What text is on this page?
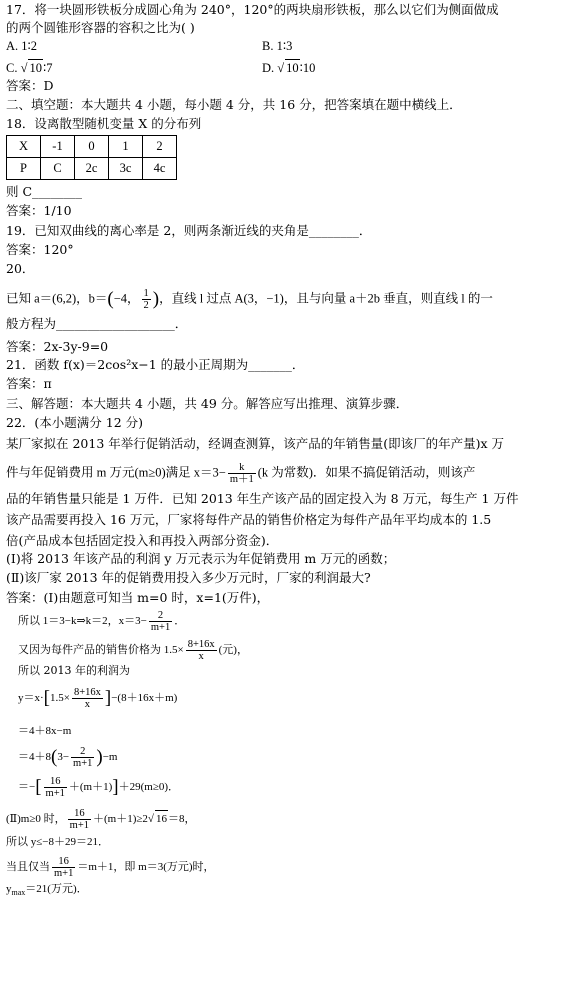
17．将一块圆形铁板分成圆心角为 240°，120°的两块扇形铁板，那么以它们为侧面做成
的两个圆锥形容器的容积之比为( )
A. 1∶2	B. 1∶3
C. √ 10∶7	D. √ 10∶10
答案：D
二、填空题：本大题共 4 小题，每小题 4 分，共 16 分，把答案填在题中横线上．
18．设离散型随机变量 X 的分布列
X	-1	0	1	2
P	C	2c	3c	4c
则 C________
答案：1/10
19．已知双曲线的离心率是 2，则两条渐近线的夹角是________．
答案：120°
20．
已知 a＝(6,2)，b＝(−4， $\frac{1}{2}$ )，直线 l 过点 A(3，−1)，且与向量 a＋2b 垂直，则直线 l 的一
般方程为___________________．
答案：2x-3y-9=0
21．函数 f(x)＝2cos²x−1 的最小正周期为_______．
答案：π
三、解答题：本大题共 4 小题，共 49 分。解答应写出推理、演算步骤．
22．(本小题满分 12 分)
某厂家拟在 2013 年举行促销活动，经调查测算，该产品的年销售量(即该厂的年产量)x 万
件与年促销费用 m 万元(m≥0)满足 $x=3- \frac{k}{m+1} (k$ 为常数)．如果不搞促销活动，则该产
品的年销售量只能是 1 万件．已知 2013 年生产该产品的固定投入为 8 万元，每生产 1 万件
该产品需要再投入 16 万元，厂家将每件产品的销售价格定为每件产品年平均成本的 1.5
倍(产品成本包括固定投入和再投入两部分资金)．
(Ⅰ)将 2013 年该产品的利润 y 万元表示为年促销费用 m 万元的函数；
(Ⅱ)该厂家 2013 年的促销费用投入多少万元时，厂家的利润最大?
答案：(Ⅰ)由题意可知当 m=0 时，x=1(万件)，
所以 1＝3−k⇒k＝2，$x=3- \frac{2}{m+1}$ ．
又因为每件产品的销售价格为 $1.5\times \frac{8+16x}{x}$ (元)，
所以 2013 年的利润为
$y=x\cdot[1.5\times \frac{8+16x}{x} ]-(8+16x+m)$
＝4＋8x−m
$=4+8(3- \frac{2}{m+1} )-m$
＝−[ $\frac{16}{m+1} +(m+1)]+29(m\ge 0)$．
(Ⅱ)m≥0 时， $\frac{16}{m+1} +(m+1)\ge 2√$ 16＝8，
所以 y≤−8＋29＝21．
当且仅当 $\frac{16}{m+1} =m+1$，即 m＝3(万元)时，
$y_{max}=21$(万元)．
